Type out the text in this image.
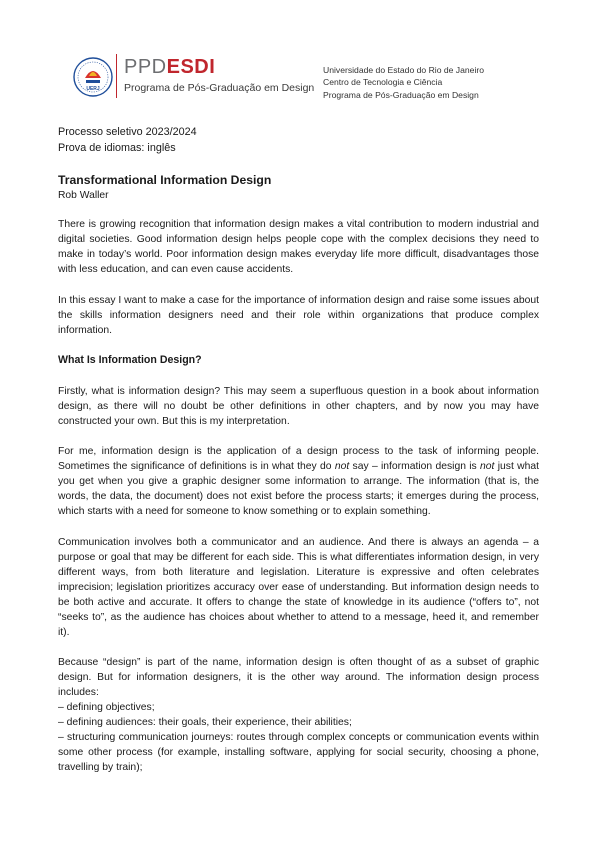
UERJ
PPDESDI
Programa de Pós-Graduação em Design
Universidade do Estado do Rio de Janeiro
Centro de Tecnologia e Ciência
Programa de Pós-Graduação em Design
Processo seletivo 2023/2024
Prova de idiomas: inglês
Transformational Information Design
Rob Waller

There is growing recognition that information design makes a vital contribution to modern industrial and digital societies. Good information design helps people cope with the complex decisions they need to make in today’s world. Poor information design makes everyday life more difficult, disadvantages those with less education, and can even cause accidents.

In this essay I want to make a case for the importance of information design and raise some issues about the skills information designers need and their role within organizations that produce complex information.

What Is Information Design?

Firstly, what is information design? This may seem a superfluous question in a book about information design, as there will no doubt be other definitions in other chapters, and by now you may have constructed your own. But this is my interpretation.

For me, information design is the application of a design process to the task of informing people. Sometimes the significance of definitions is in what they do not say – information design is not just what you get when you give a graphic designer some information to arrange. The information (that is, the words, the data, the document) does not exist before the process starts; it emerges during the process, which starts with a need for someone to know something or to explain something.

Communication involves both a communicator and an audience. And there is always an agenda – a purpose or goal that may be different for each side. This is what differentiates information design, in very different ways, from both literature and legislation. Literature is expressive and often celebrates imprecision; legislation prioritizes accuracy over ease of understanding. But information design needs to be both active and accurate. It offers to change the state of knowledge in its audience (“offers to”, not “seeks to”, as the audience has choices about whether to attend to a message, heed it, and remember it).

Because “design” is part of the name, information design is often thought of as a subset of graphic design. But for information designers, it is the other way around. The information design process includes:

– defining objectives;

– defining audiences: their goals, their experience, their abilities;

– structuring communication journeys: routes through complex concepts or communication events within some other process (for example, installing software, applying for social security, choosing a phone, travelling by train);
